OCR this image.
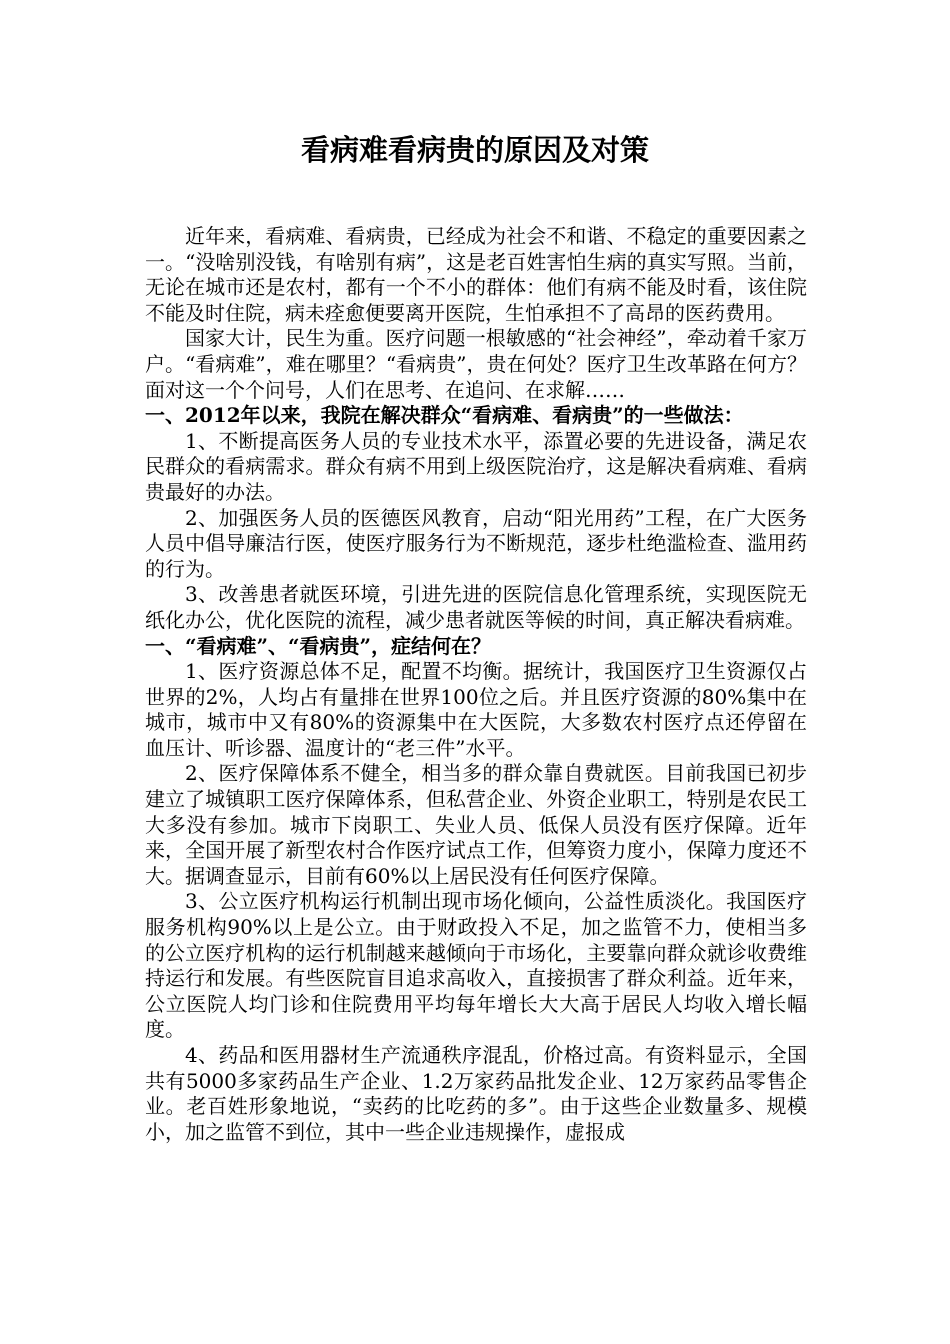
看病难看病贵的原因及对策

近年来，看病难、看病贵，已经成为社会不和谐、不稳定的重要因素之一。“没啥别没钱，有啥别有病”，这是老百姓害怕生病的真实写照。当前，无论在城市还是农村，都有一个不小的群体：他们有病不能及时看，该住院不能及时住院，病未痊愈便要离开医院，生怕承担不了高昂的医药费用。

国家大计，民生为重。医疗问题一根敏感的“社会神经”，牵动着千家万户。“看病难”，难在哪里？“看病贵”，贵在何处？医疗卫生改革路在何方？面对这一个个问号，人们在思考、在追问、在求解……

一、2012年以来，我院在解决群众“看病难、看病贵”的一些做法：

1、不断提高医务人员的专业技术水平，添置必要的先进设备，满足农民群众的看病需求。群众有病不用到上级医院治疗，这是解决看病难、看病贵最好的办法。

2、加强医务人员的医德医风教育，启动“阳光用药”工程，在广大医务人员中倡导廉洁行医，使医疗服务行为不断规范，逐步杜绝滥检查、滥用药的行为。

3、改善患者就医环境，引进先进的医院信息化管理系统，实现医院无纸化办公，优化医院的流程，减少患者就医等候的时间，真正解决看病难。

一、“看病难”、“看病贵”，症结何在？

1、医疗资源总体不足，配置不均衡。据统计，我国医疗卫生资源仅占世界的2%，人均占有量排在世界100位之后。并且医疗资源的80%集中在城市，城市中又有80%的资源集中在大医院，大多数农村医疗点还停留在血压计、听诊器、温度计的“老三件”水平。

2、医疗保障体系不健全，相当多的群众靠自费就医。目前我国已初步建立了城镇职工医疗保障体系，但私营企业、外资企业职工，特别是农民工大多没有参加。城市下岗职工、失业人员、低保人员没有医疗保障。近年来，全国开展了新型农村合作医疗试点工作，但筹资力度小，保障力度还不大。据调查显示，目前有60%以上居民没有任何医疗保障。

3、公立医疗机构运行机制出现市场化倾向，公益性质淡化。我国医疗服务机构90%以上是公立。由于财政投入不足，加之监管不力，使相当多的公立医疗机构的运行机制越来越倾向于市场化，主要靠向群众就诊收费维持运行和发展。有些医院盲目追求高收入，直接损害了群众利益。近年来，公立医院人均门诊和住院费用平均每年增长大大高于居民人均收入增长幅度。

4、药品和医用器材生产流通秩序混乱，价格过高。有资料显示，全国共有5000多家药品生产企业、1.2万家药品批发企业、12万家药品零售企业。老百姓形象地说，“卖药的比吃药的多”。由于这些企业数量多、规模小，加之监管不到位，其中一些企业违规操作，虚报成
